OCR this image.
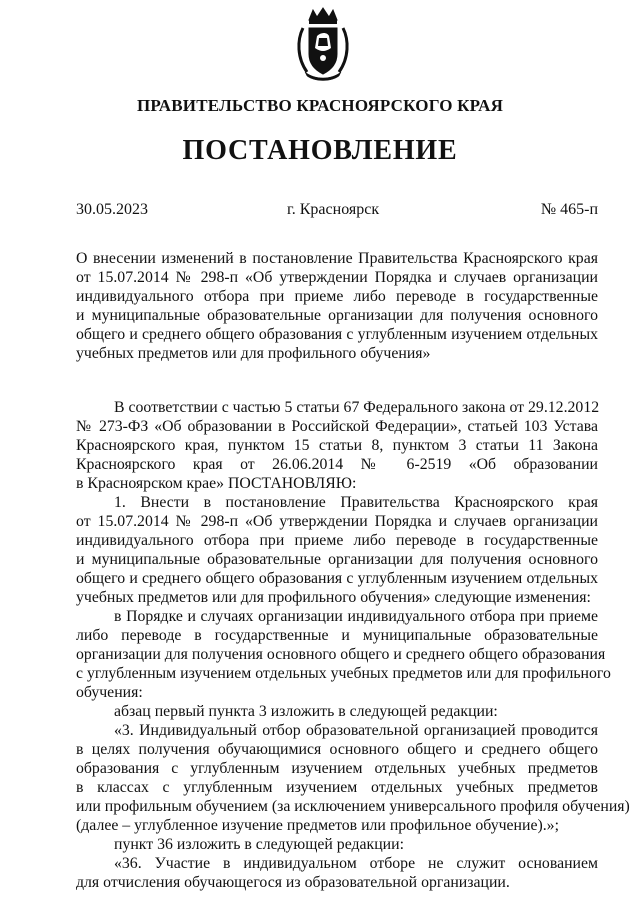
ПРАВИТЕЛЬСТВО КРАСНОЯРСКОГО КРАЯ
ПОСТАНОВЛЕНИЕ
30.05.2023	г. Красноярск	№ 465-п
О внесении изменений в постановление Правительства Красноярского края
от 15.07.2014 № 298-п «Об утверждении Порядка и случаев организации
индивидуального отбора при приеме либо переводе в государственные
и муниципальные образовательные организации для получения основного
общего и среднего общего образования с углубленным изучением отдельных
учебных предметов или для профильного обучения»
В соответствии с частью 5 статьи 67 Федерального закона от 29.12.2012
№ 273-ФЗ «Об образовании в Российской Федерации», статьей 103 Устава
Красноярского края, пунктом 15 статьи 8, пунктом 3 статьи 11 Закона
Красноярского края от 26.06.2014 № 6-2519 «Об образовании
в Красноярском крае» ПОСТАНОВЛЯЮ:
1. Внести в постановление Правительства Красноярского края
от 15.07.2014 № 298-п «Об утверждении Порядка и случаев организации
индивидуального отбора при приеме либо переводе в государственные
и муниципальные образовательные организации для получения основного
общего и среднего общего образования с углубленным изучением отдельных
учебных предметов или для профильного обучения» следующие изменения:
в Порядке и случаях организации индивидуального отбора при приеме
либо переводе в государственные и муниципальные образовательные
организации для получения основного общего и среднего общего образования
с углубленным изучением отдельных учебных предметов или для профильного
обучения:
абзац первый пункта 3 изложить в следующей редакции:
«3. Индивидуальный отбор образовательной организацией проводится
в целях получения обучающимися основного общего и среднего общего
образования с углубленным изучением отдельных учебных предметов
в классах с углубленным изучением отдельных учебных предметов
или профильным обучением (за исключением универсального профиля обучения)
(далее – углубленное изучение предметов или профильное обучение).»;
пункт 36 изложить в следующей редакции:
«36. Участие в индивидуальном отборе не служит основанием
для отчисления обучающегося из образовательной организации.
